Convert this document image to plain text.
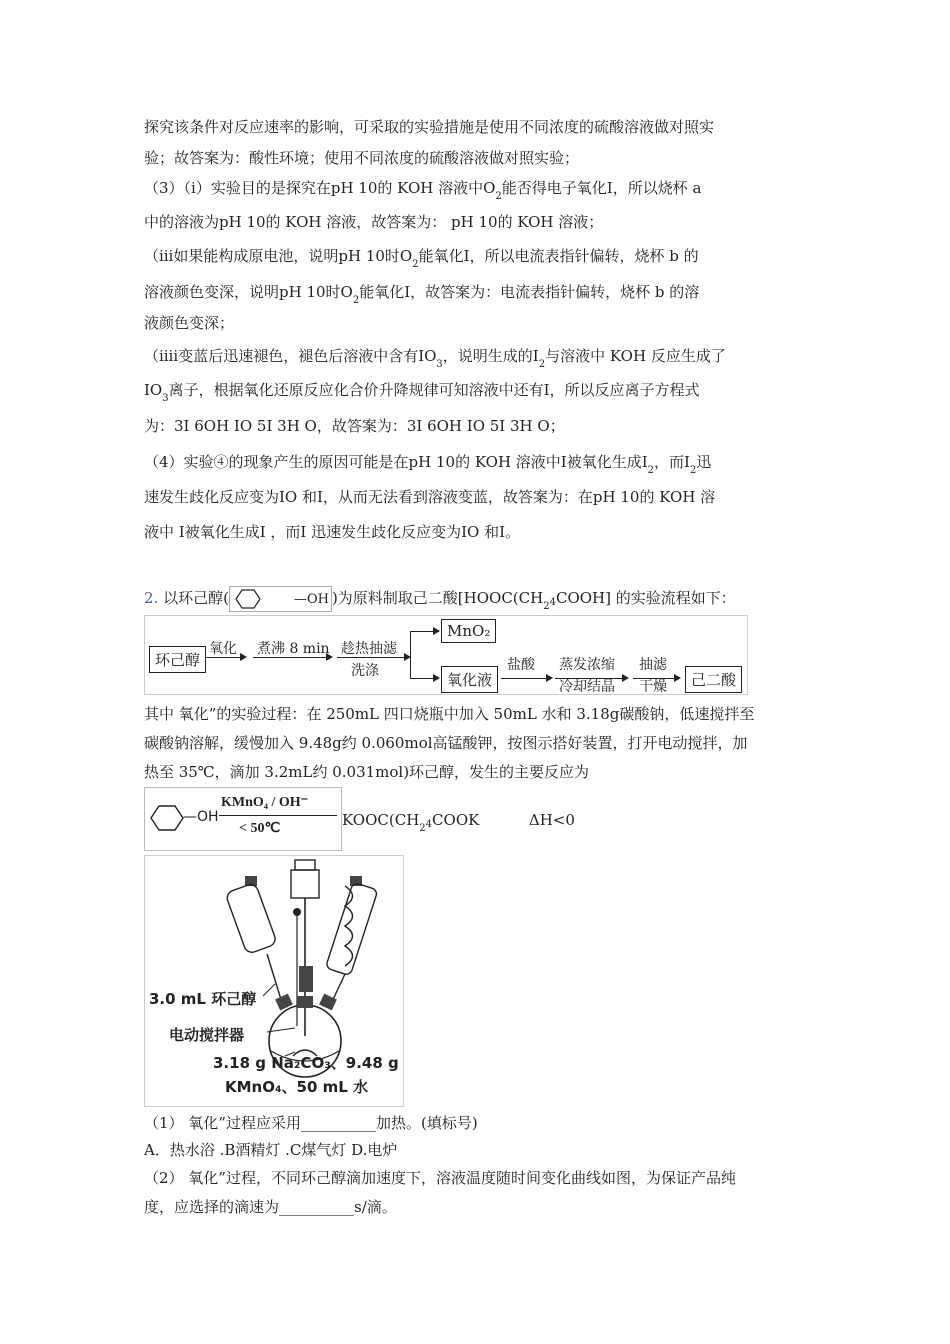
探究该条件对反应速率的影响，可采取的实验措施是使用不同浓度的硫酸溶液做对照实
验；故答案为：酸性环境；使用不同浓度的硫酸溶液做对照实验；
（3）（i）实验目的是探究在pH 10的 KOH 溶液中$O_2$能否得电子氧化Ⅰ，所以烧杯 a
中的溶液为pH 10的 KOH 溶液，故答案为： pH 10的 KOH 溶液；
（iⅱ如果能构成原电池，说明pH 10时$O_2$能氧化Ⅰ，所以电流表指针偏转，烧杯 b 的
溶液颜色变深，说明pH 10时$O_2$能氧化Ⅰ，故答案为：电流表指针偏转，烧杯 b 的溶
液颜色变深；
（iⅲ变蓝后迅速褪色，褪色后溶液中含有$IO_3$，说明生成的$I_2$与溶液中 KOH 反应生成了
$IO_3$离子，根据氧化还原反应化合价升降规律可知溶液中还有Ⅰ，所以反应离子方程式
为：3I 6OH IO 5I 3H O，故答案为：3I 6OH IO 5I 3H O；
（4）实验④的现象产生的原因可能是在pH 10的 KOH 溶液中Ⅰ被氧化生成$I_2$，而$I_2$迅
速发生歧化反应变为IO 和Ⅰ，从而无法看到溶液变蓝，故答案为：在pH 10的 KOH 溶
液中 I被氧化生成I ，而I 迅速发生歧化反应变为IO 和Ⅰ。
2. 以环己醇(	—OH )为原料制取己二酸[$HOOC(CH_{24}COOH]$ 的实验流程如下：
环己醇
氧化 煮沸 8 min 趁热抽滤
洗涤
MnO₂
氧化液
盐酸 蒸发浓缩
冷却结晶
抽滤
干燥	己二酸
其中 氧化”的实验过程：在 250mL 四口烧瓶中加入 50mL 水和 3.18g碳酸钠，低速搅拌至
碳酸钠溶解，缓慢加入 9.48g约 0.060mol高锰酸钾，按图示搭好装置，打开电动搅拌，加
热至 35℃，滴加 3.2mL约 0.031mol)环己醇，发生的主要反应为
—OH
KMnO₄ / OH⁻
< 50℃	$KOOC(CH_{24}COOK$	ΔH<0
3.0 mL 环己醇
电动搅拌器
3.18 g Na₂CO₃、9.48 g
KMnO₄、50 mL 水
（1） 氧化”过程应采用__________加热。(填标号)
A．热水浴 .B酒精灯 .C煤气灯 D.电炉
（2） 氧化”过程，不同环己醇滴加速度下，溶液温度随时间变化曲线如图，为保证产品纯
度，应选择的滴速为__________s/滴。
